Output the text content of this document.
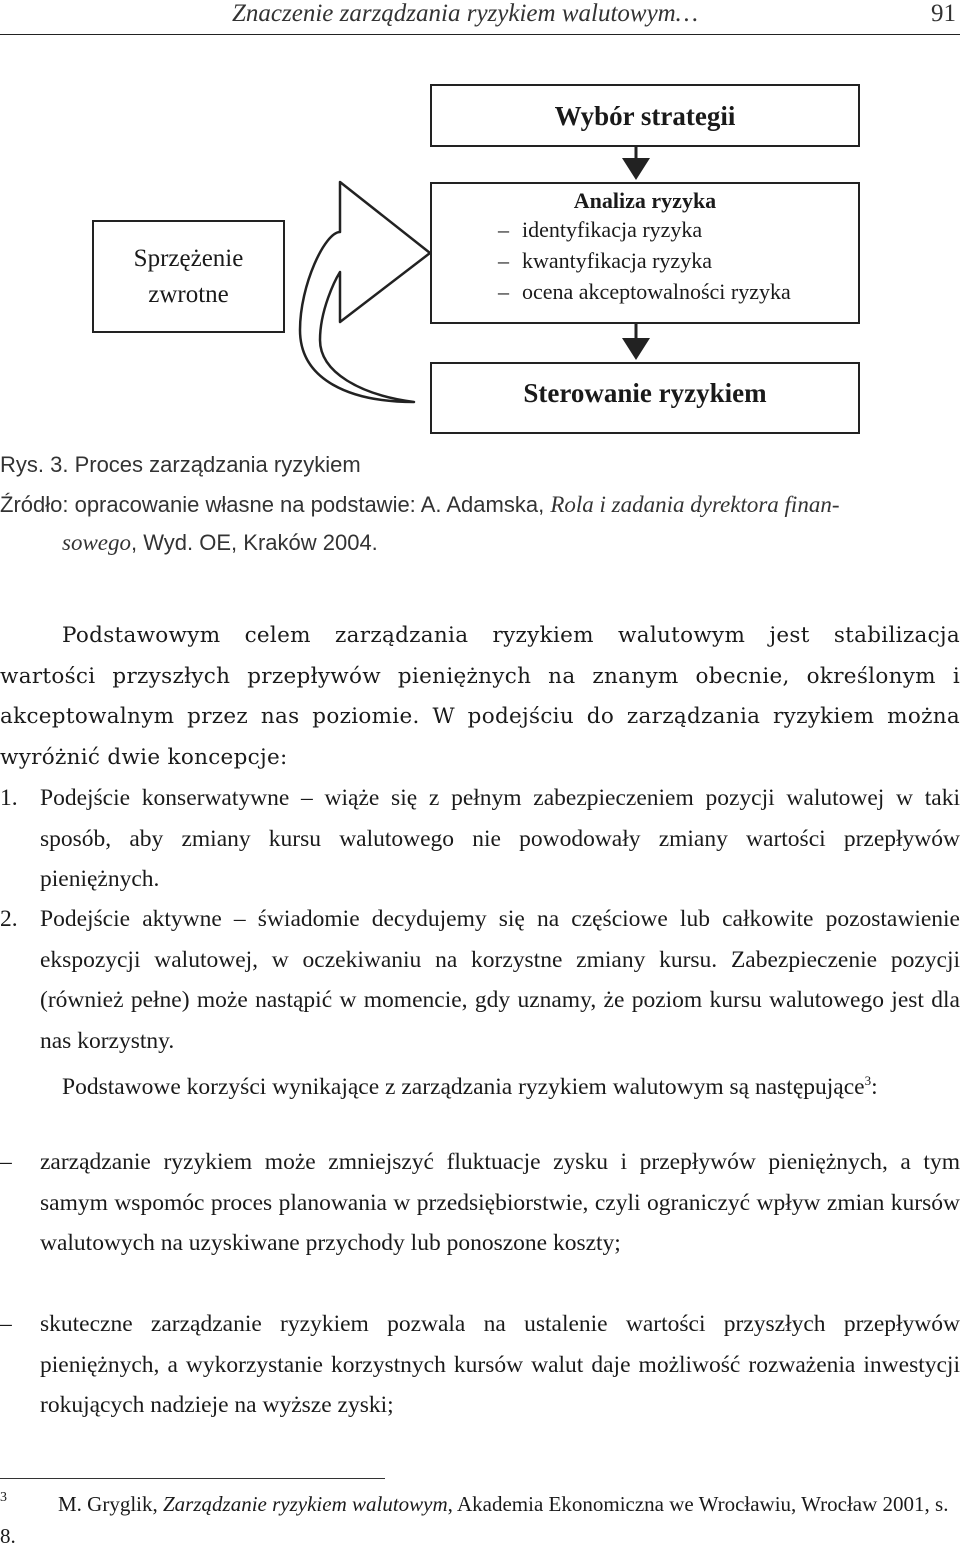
Znaczenie zarządzania ryzykiem walutowym…	91
Wybór strategii
Analiza ryzyka
– identyfikacja ryzyka
– kwantyfikacja ryzyka
– ocena akceptowalności ryzyka
Sterowanie ryzykiem
Sprzężenie
zwrotne
Rys. 3. Proces zarządzania ryzykiem
Źródło: opracowanie własne na podstawie: A. Adamska, Rola i zadania dyrektora finan-
sowego, Wyd. OE, Kraków 2004.
Podstawowym celem zarządzania ryzykiem walutowym jest stabilizacja wartości przyszłych przepływów pieniężnych na znanym obecnie, określonym i akceptowalnym przez nas poziomie. W podejściu do zarządzania ryzykiem można wyróżnić dwie koncepcje:
1. Podejście konserwatywne – wiąże się z pełnym zabezpieczeniem pozycji walutowej w taki sposób, aby zmiany kursu walutowego nie powodowały zmiany wartości przepływów pieniężnych.
2. Podejście aktywne – świadomie decydujemy się na częściowe lub całkowite pozostawienie ekspozycji walutowej, w oczekiwaniu na korzystne zmiany kursu. Zabezpieczenie pozycji (również pełne) może nastąpić w momencie, gdy uznamy, że poziom kursu walutowego jest dla nas korzystny.
Podstawowe korzyści wynikające z zarządzania ryzykiem walutowym są następujące$^3$:
– zarządzanie ryzykiem może zmniejszyć fluktuacje zysku i przepływów pieniężnych, a tym samym wspomóc proces planowania w przedsiębiorstwie, czyli ograniczyć wpływ zmian kursów walutowych na uzyskiwane przychody lub ponoszone koszty;
– skuteczne zarządzanie ryzykiem pozwala na ustalenie wartości przyszłych przepływów pieniężnych, a wykorzystanie korzystnych kursów walut daje możliwość rozważenia inwestycji rokujących nadzieje na wyższe zyski;
3	M. Gryglik, Zarządzanie ryzykiem walutowym, Akademia Ekonomiczna we Wrocławiu, Wrocław 2001, s. 8.
